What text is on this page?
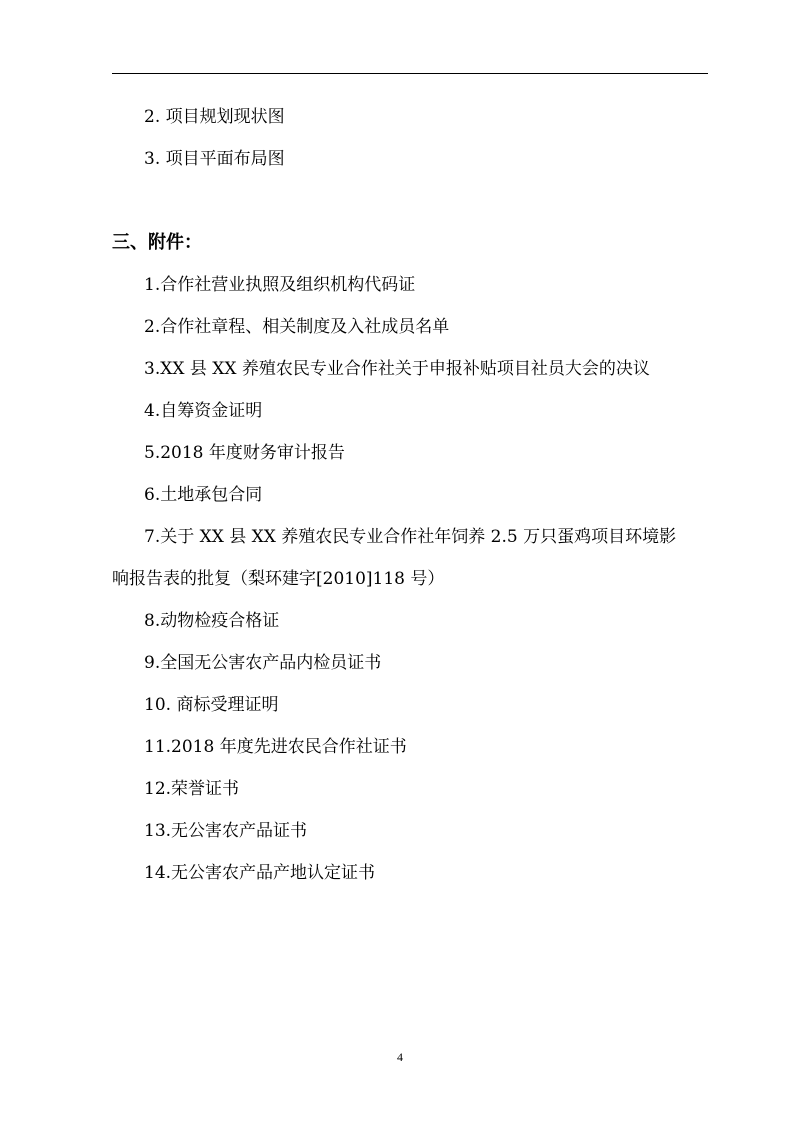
2. 项目规划现状图
3. 项目平面布局图
三、附件：
1.合作社营业执照及组织机构代码证
2.合作社章程、相关制度及入社成员名单
3.XX 县 XX 养殖农民专业合作社关于申报补贴项目社员大会的决议
4.自筹资金证明
5.2018 年度财务审计报告
6.土地承包合同
7.关于 XX 县 XX 养殖农民专业合作社年饲养 2.5 万只蛋鸡项目环境影
响报告表的批复（梨环建字[2010]118 号）
8.动物检疫合格证
9.全国无公害农产品内检员证书
10. 商标受理证明
11.2018 年度先进农民合作社证书
12.荣誉证书
13.无公害农产品证书
14.无公害农产品产地认定证书
4
